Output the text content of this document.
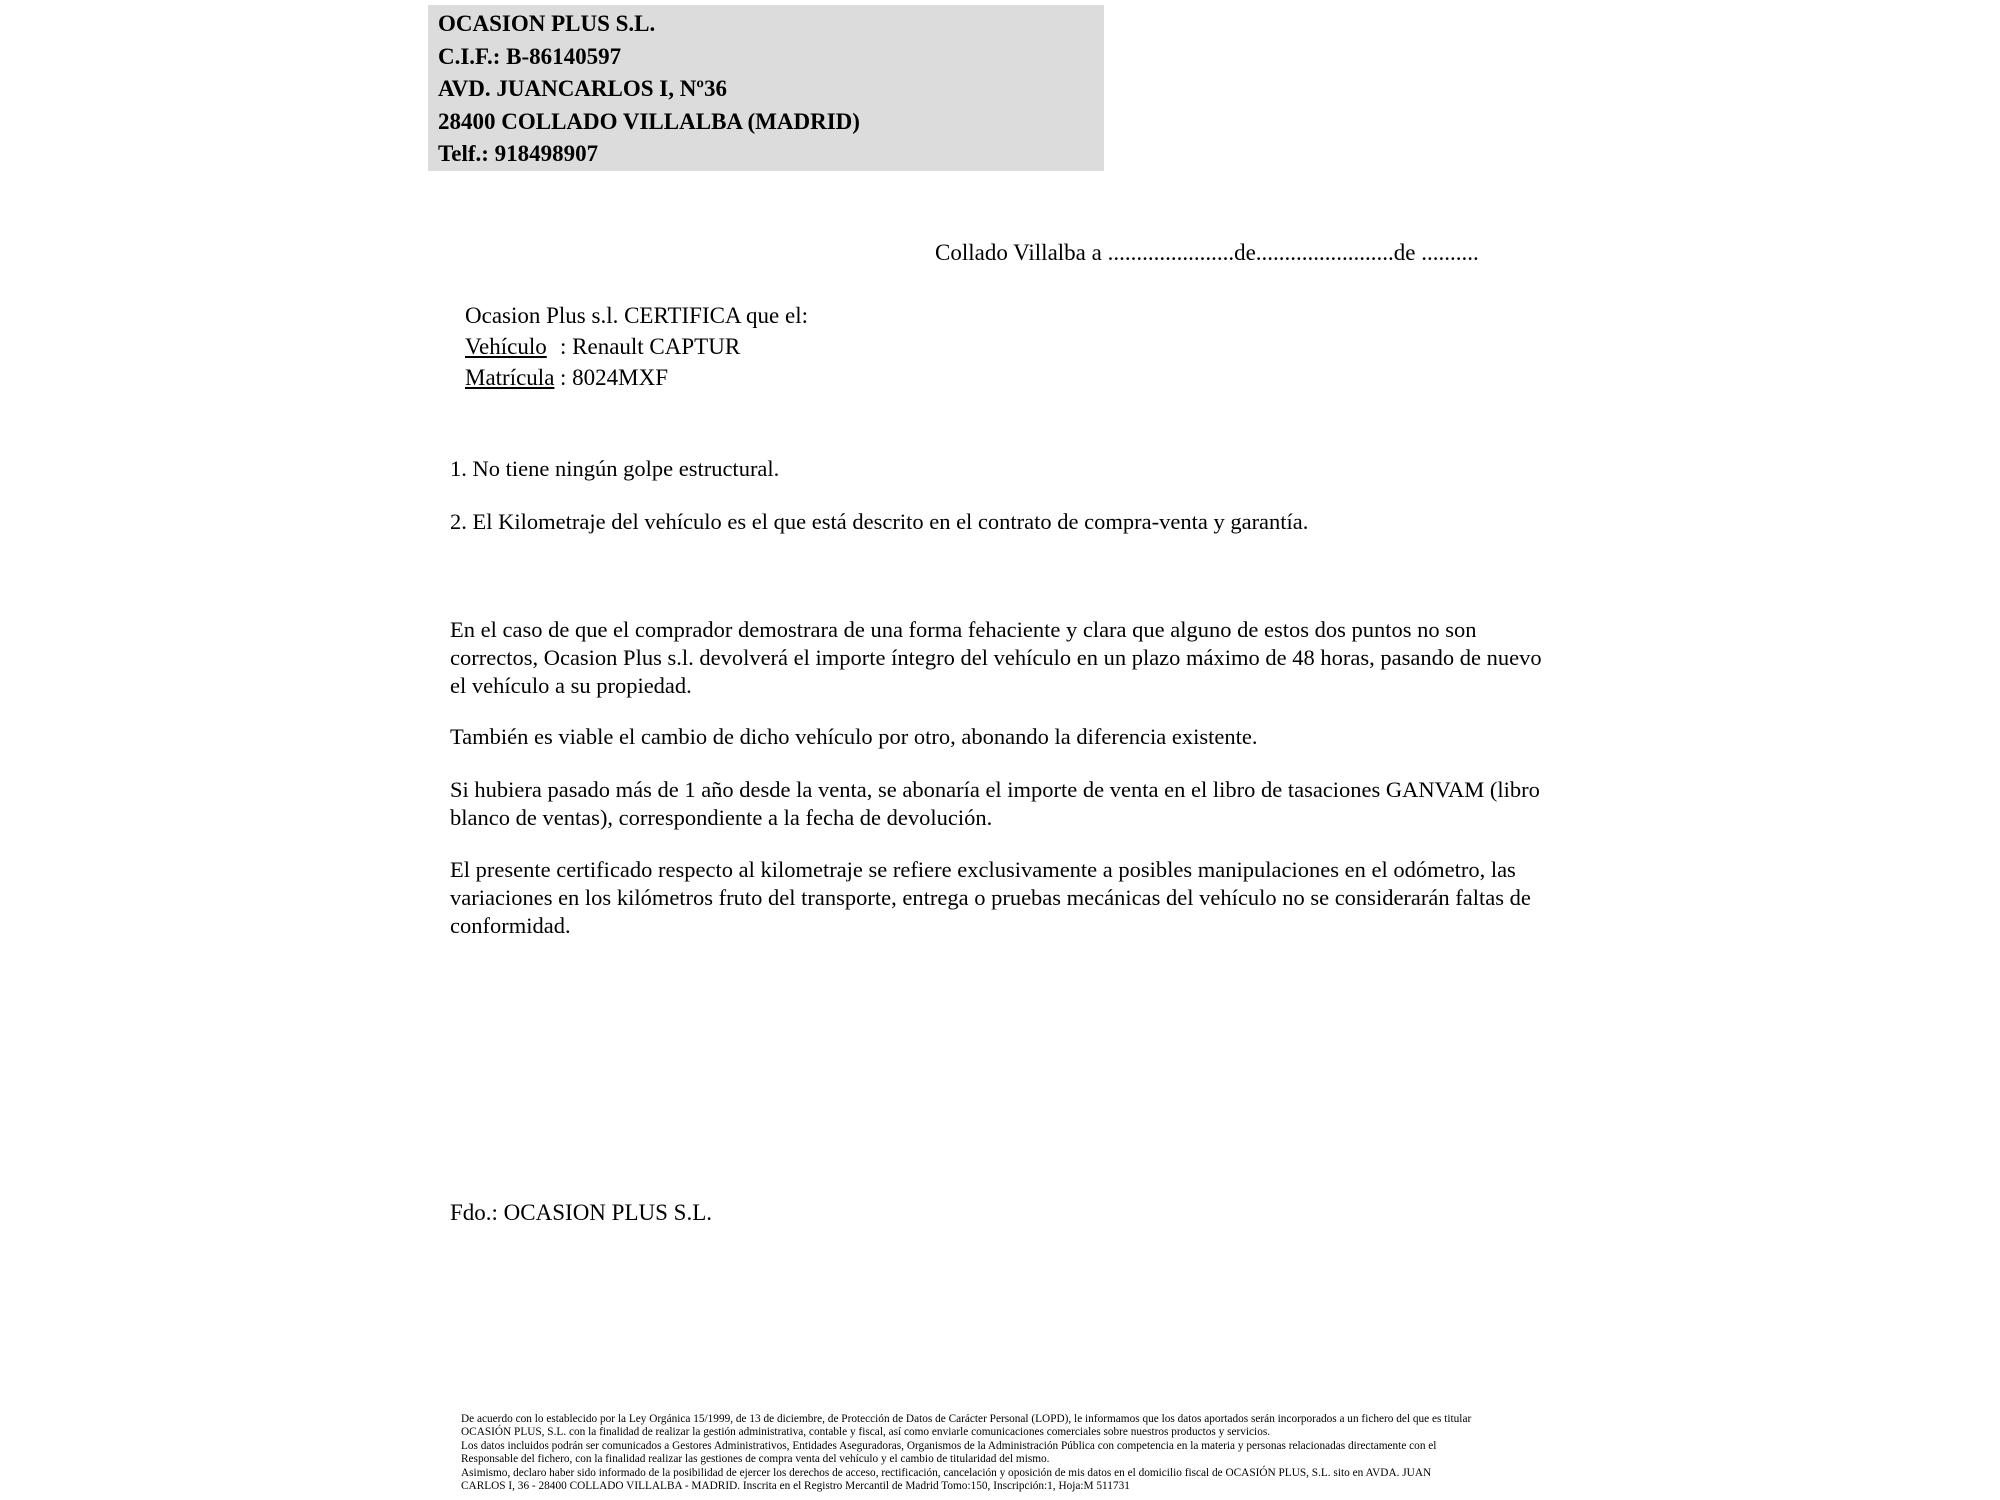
OCASION PLUS S.L.
C.I.F.: B-86140597
AVD. JUANCARLOS I, Nº36
28400 COLLADO VILLALBA (MADRID)
Telf.: 918498907
Collado Villalba a ......................de........................de ..........
Ocasion Plus s.l. CERTIFICA que el:
Vehículo : Renault CAPTUR
Matrícula : 8024MXF
1. No tiene ningún golpe estructural.
2. El Kilometraje del vehículo es el que está descrito en el contrato de compra-venta y garantía.
En el caso de que el comprador demostrara de una forma fehaciente y clara que alguno de estos dos puntos no son correctos, Ocasion Plus s.l. devolverá el importe íntegro del vehículo en un plazo máximo de 48 horas, pasando de nuevo el vehículo a su propiedad.
También es viable el cambio de dicho vehículo por otro, abonando la diferencia existente.
Si hubiera pasado más de 1 año desde la venta, se abonaría el importe de venta en el libro de tasaciones GANVAM (libro blanco de ventas), correspondiente a la fecha de devolución.
El presente certificado respecto al kilometraje se refiere exclusivamente a posibles manipulaciones en el odómetro, las variaciones en los kilómetros fruto del transporte, entrega o pruebas mecánicas del vehículo no se considerarán faltas de conformidad.
Fdo.: OCASION PLUS S.L.
De acuerdo con lo establecido por la Ley Orgánica 15/1999, de 13 de diciembre, de Protección de Datos de Carácter Personal (LOPD), le informamos que los datos aportados serán incorporados a un fichero del que es titular
OCASIÓN PLUS, S.L. con la finalidad de realizar la gestión administrativa, contable y fiscal, así como enviarle comunicaciones comerciales sobre nuestros productos y servicios.
Los datos incluidos podrán ser comunicados a Gestores Administrativos, Entidades Aseguradoras, Organismos de la Administración Pública con competencia en la materia y personas relacionadas directamente con el
Responsable del fichero, con la finalidad realizar las gestiones de compra venta del vehículo y el cambio de titularidad del mismo.
Asimismo, declaro haber sido informado de la posibilidad de ejercer los derechos de acceso, rectificación, cancelación y oposición de mis datos en el domicilio fiscal de OCASIÓN PLUS, S.L. sito en AVDA. JUAN
CARLOS I, 36 - 28400 COLLADO VILLALBA - MADRID. Inscrita en el Registro Mercantil de Madrid Tomo:150, Inscripción:1, Hoja:M 511731
